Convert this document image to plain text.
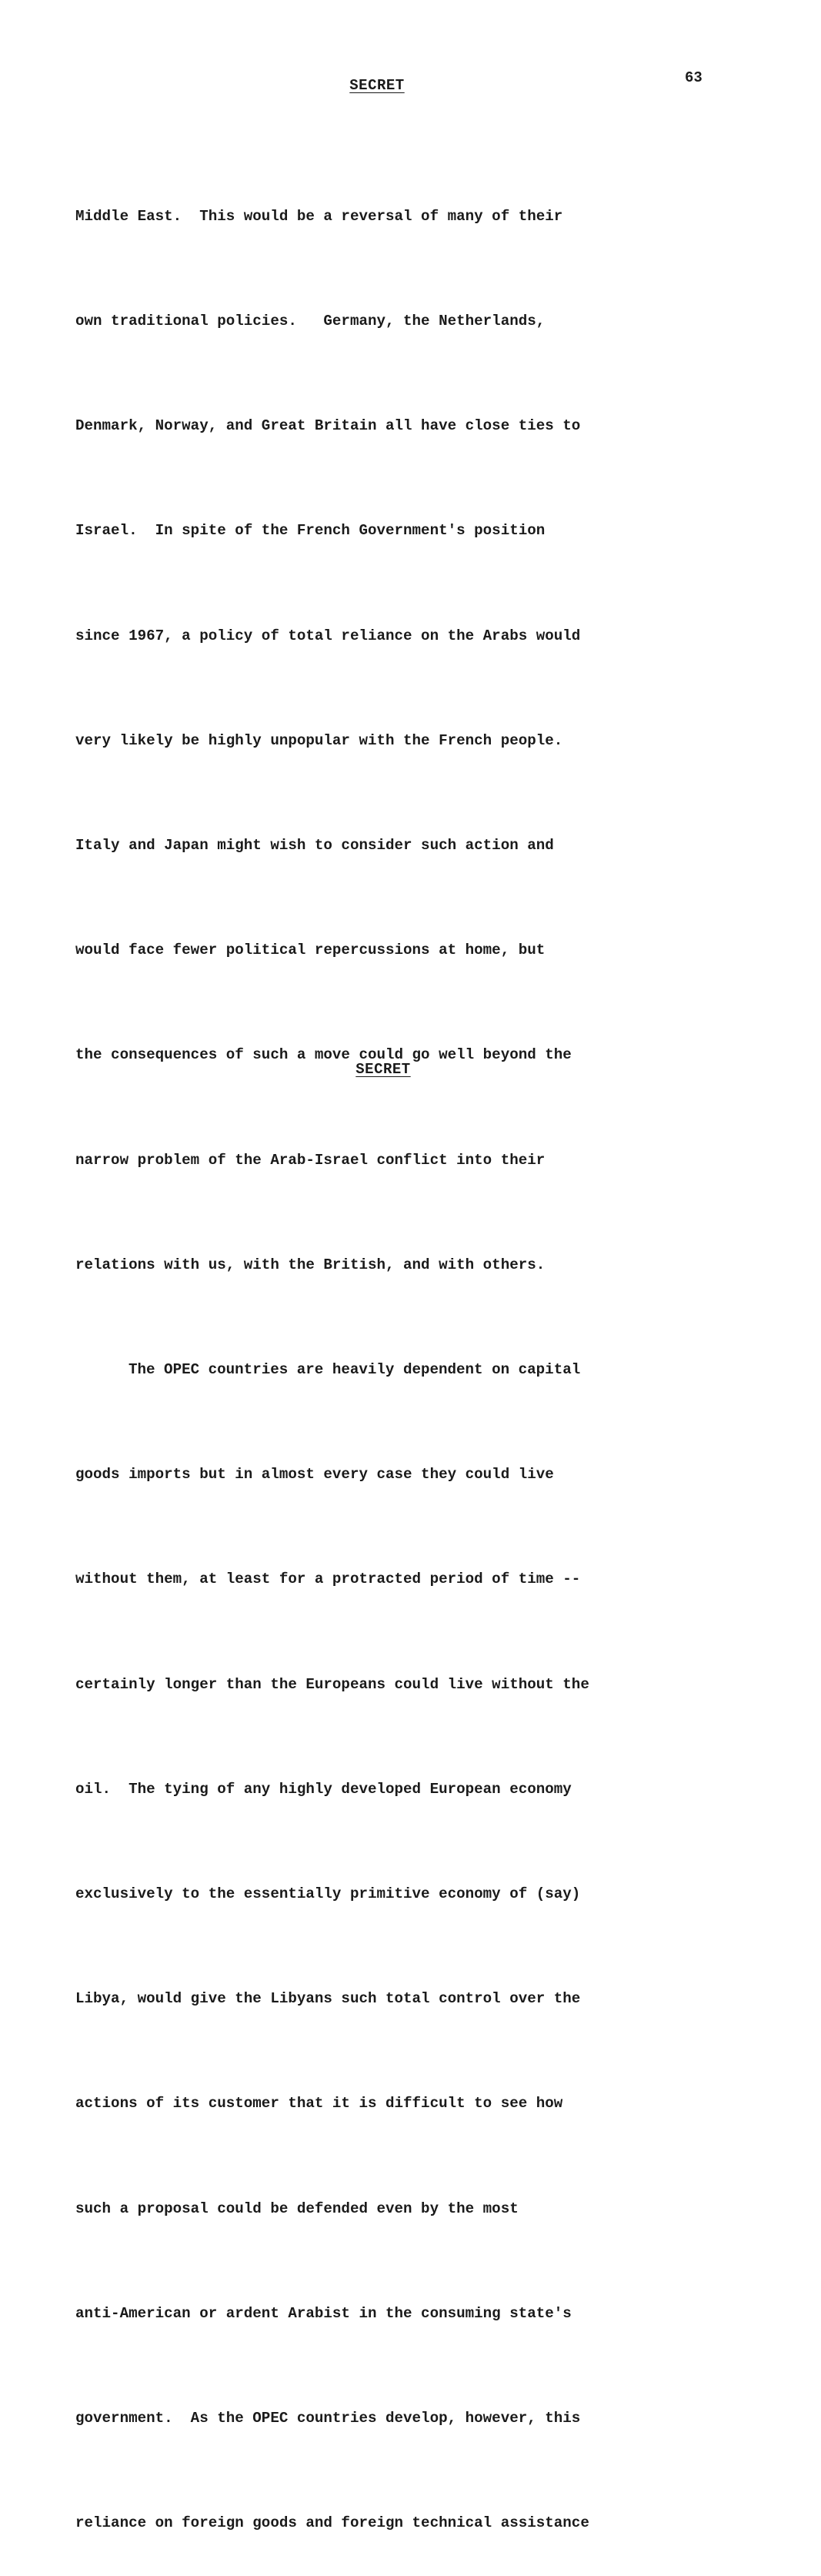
SECRET	63

Middle East.  This would be a reversal of many of their

own traditional policies.   Germany, the Netherlands,

Denmark, Norway, and Great Britain all have close ties to

Israel.  In spite of the French Government's position

since 1967, a policy of total reliance on the Arabs would

very likely be highly unpopular with the French people.

Italy and Japan might wish to consider such action and

would face fewer political repercussions at home, but

the consequences of such a move could go well beyond the

narrow problem of the Arab-Israel conflict into their

relations with us, with the British, and with others.

The OPEC countries are heavily dependent on capital

goods imports but in almost every case they could live

without them, at least for a protracted period of time --

certainly longer than the Europeans could live without the

oil.  The tying of any highly developed European economy

exclusively to the essentially primitive economy of (say)

Libya, would give the Libyans such total control over the

actions of its customer that it is difficult to see how

such a proposal could be defended even by the most

anti-American or ardent Arabist in the consuming state's

government.  As the OPEC countries develop, however, this

reliance on foreign goods and foreign technical assistance

SECRET
